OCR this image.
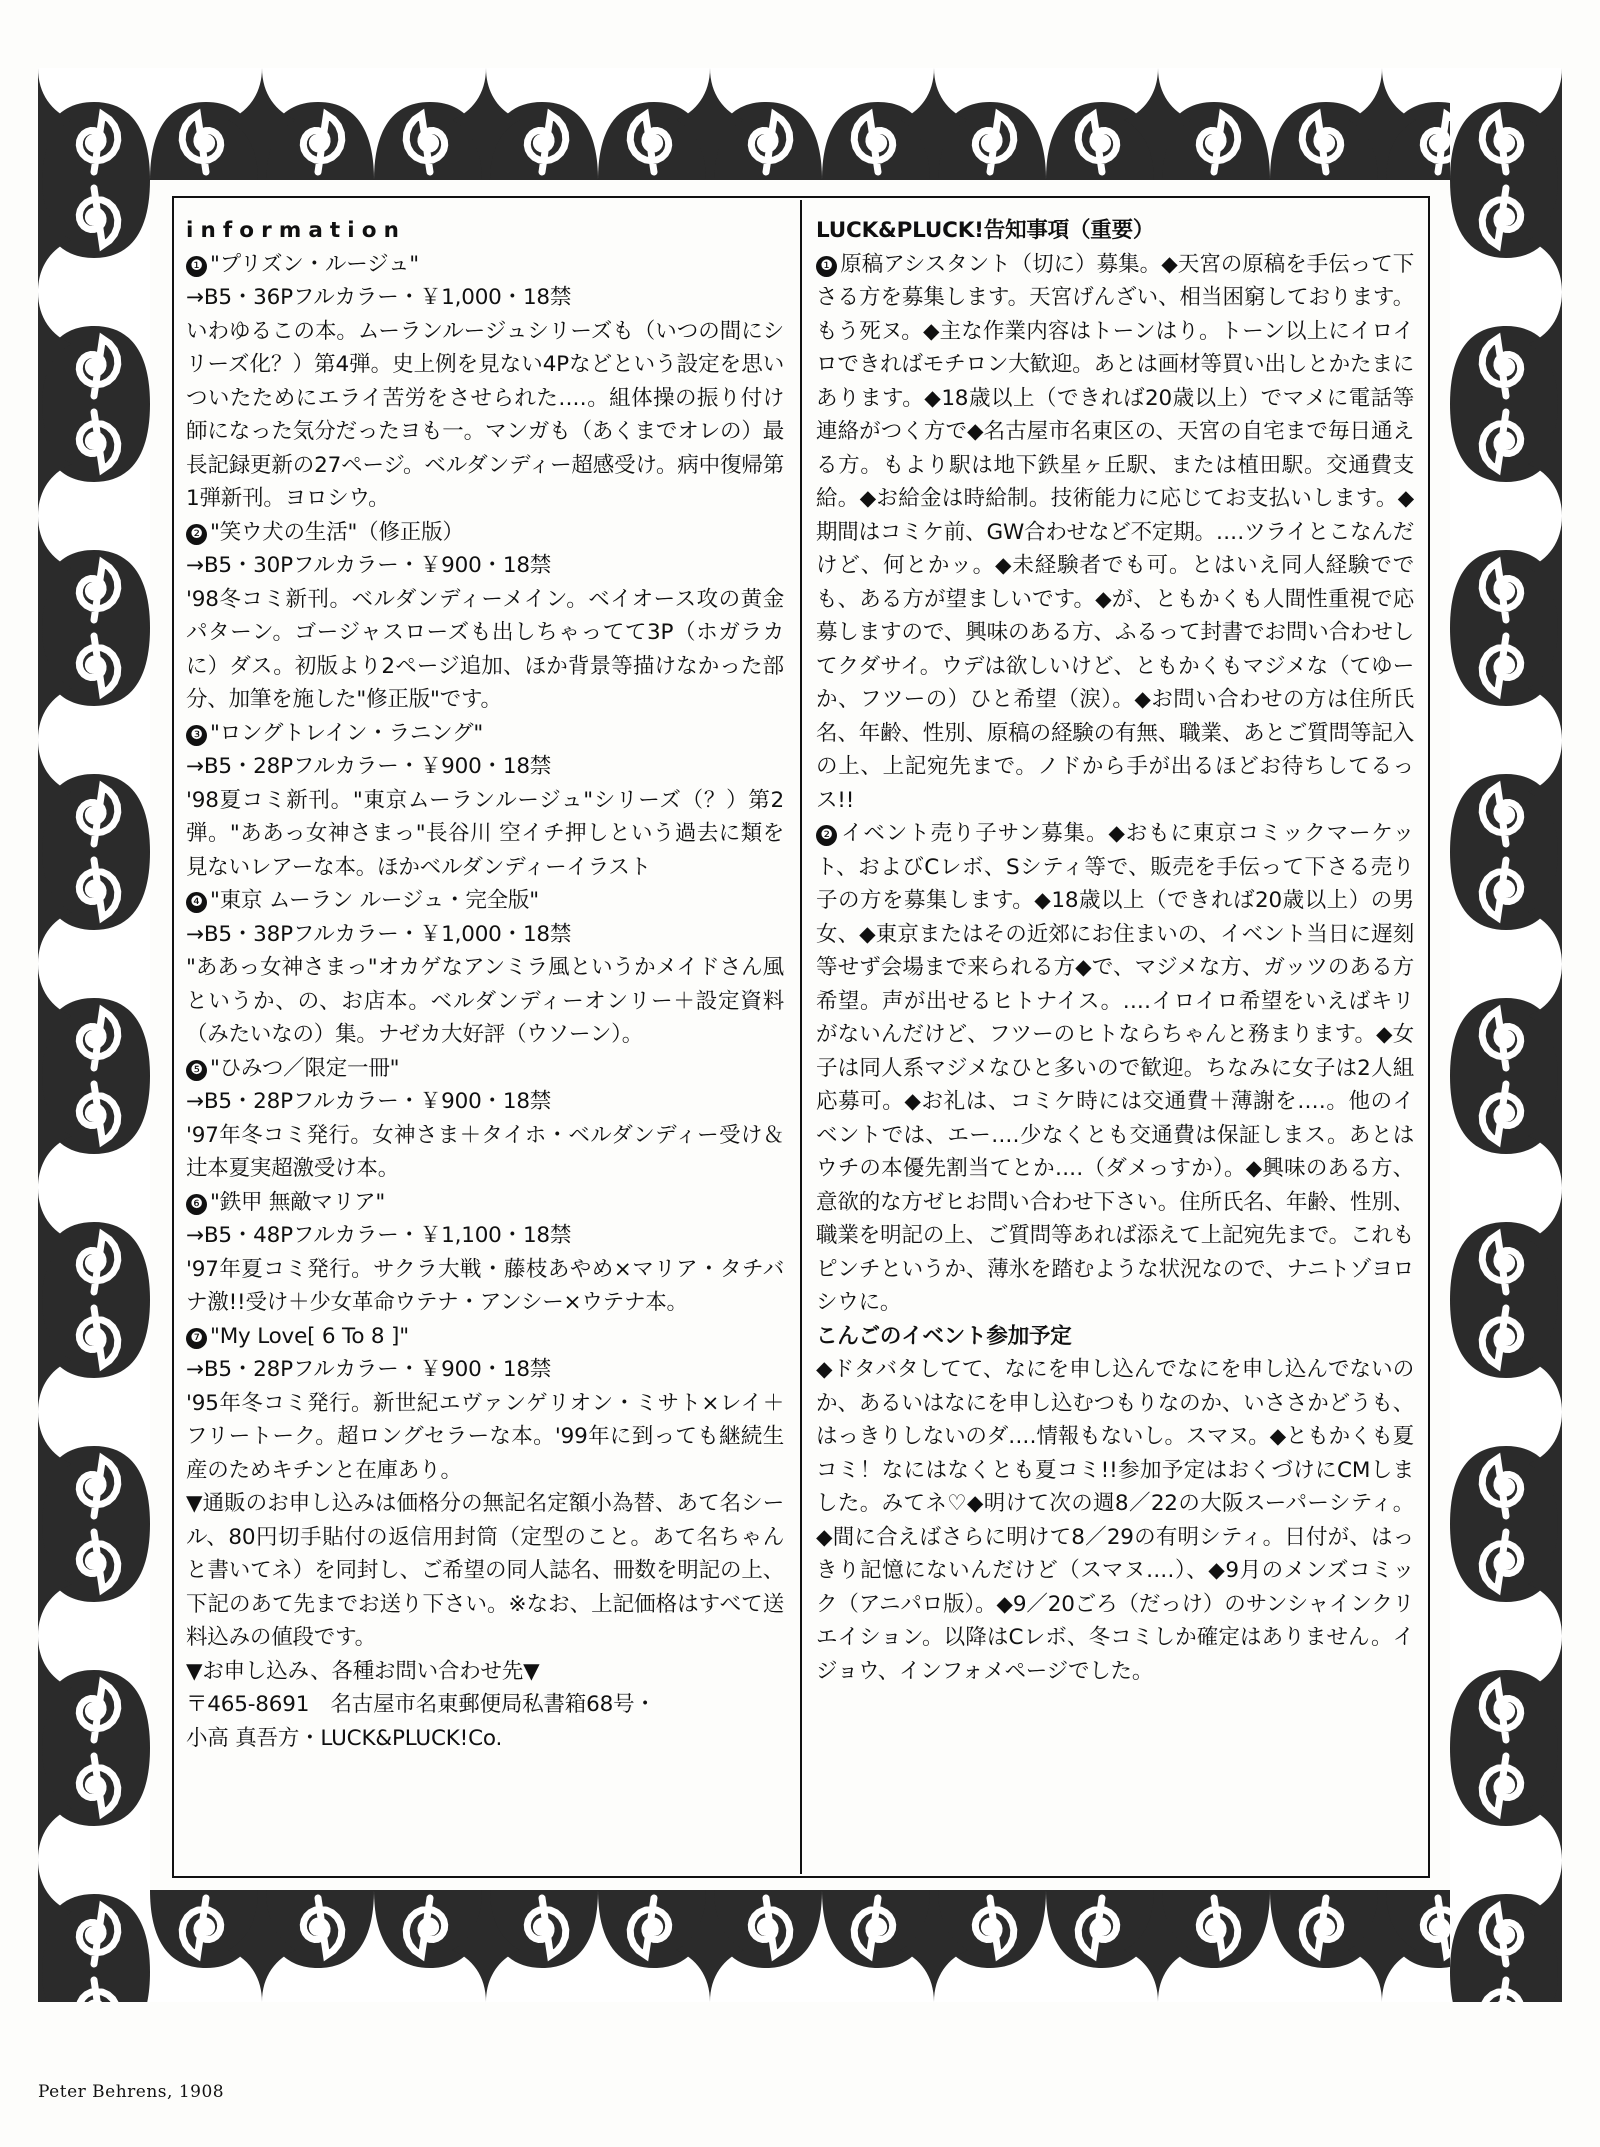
i n f o r m a t i o n

❶ "プリズン・ルージュ"

→B5・36Pフルカラー・￥1,000・18禁

いわゆるこの本。ムーランルージュシリーズも（いつの間にシリーズ化？）第4弾。史上例を見ない4Pなどという設定を思いついたためにエライ苦労をさせられた‥‥。組体操の振り付け師になった気分だったヨも一。マンガも（あくまでオレの）最長記録更新の27ページ。ベルダンディー超感受け。病中復帰第1弾新刊。ヨロシウ。

❷ "笑ウ犬の生活"（修正版）

→B5・30Pフルカラー・￥900・18禁

'98冬コミ新刊。ベルダンディーメイン。ベイオース攻の黄金パターン。ゴージャスローズも出しちゃってて3P（ホガラカに）ダス。初版より2ページ追加、ほか背景等描けなかった部分、加筆を施した"修正版"です。

❸ "ロングトレイン・ラニング"

→B5・28Pフルカラー・￥900・18禁

'98夏コミ新刊。"東京ムーランルージュ"シリーズ（？）第2弾。"ああっ女神さまっ"長谷川 空イチ押しという過去に類を見ないレアーな本。ほかベルダンディーイラスト

❹ "東京 ムーラン ルージュ・完全版"

→B5・38Pフルカラー・￥1,000・18禁

"ああっ女神さまっ"オカゲなアンミラ風というかメイドさん風というか、の、お店本。ベルダンディーオンリー＋設定資料（みたいなの）集。ナゼカ大好評（ウソーン）。

❺ "ひみつ／限定一冊"

→B5・28Pフルカラー・￥900・18禁

'97年冬コミ発行。女神さま＋タイホ・ベルダンディー受け＆辻本夏実超激受け本。

❻ "鉄甲 無敵マリア"

→B5・48Pフルカラー・￥1,100・18禁

'97年夏コミ発行。サクラ大戦・藤枝あやめ×マリア・タチバナ激!!受け＋少女革命ウテナ・アンシー×ウテナ本。

❼ "My Love[ 6 To 8 ]"

→B5・28Pフルカラー・￥900・18禁

'95年冬コミ発行。新世紀エヴァンゲリオン・ミサト×レイ＋フリートーク。超ロングセラーな本。'99年に到っても継続生産のためキチンと在庫あり。

▼通販のお申し込みは価格分の無記名定額小為替、あて名シール、80円切手貼付の返信用封筒（定型のこと。あて名ちゃんと書いてネ）を同封し、ご希望の同人誌名、冊数を明記の上、下記のあて先までお送り下さい。※なお、上記価格はすべて送料込みの値段です。

▼お申し込み、各種お問い合わせ先▼

〒465-8691　名古屋市名東郵便局私書箱68号・

小高 真吾方・LUCK&PLUCK!Co.

LUCK&PLUCK!告知事項（重要）

❶ 原稿アシスタント（切に）募集。◆天宮の原稿を手伝って下さる方を募集します。天宮げんざい、相当困窮しております。もう死ヌ。◆主な作業内容はトーンはり。トーン以上にイロイロできればモチロン大歓迎。あとは画材等買い出しとかたまにあります。◆18歳以上（できれば20歳以上）でマメに電話等連絡がつく方で◆名古屋市名東区の、天宮の自宅まで毎日通える方。もより駅は地下鉄星ヶ丘駅、または植田駅。交通費支給。◆お給金は時給制。技術能力に応じてお支払いします。◆期間はコミケ前、GW合わせなど不定期。‥‥ツライとこなんだけど、何とかッ。◆未経験者でも可。とはいえ同人経験ででも、ある方が望ましいです。◆が、ともかくも人間性重視で応募しますので、興味のある方、ふるって封書でお問い合わせしてクダサイ。ウデは欲しいけど、ともかくもマジメな（てゆーか、フツーの）ひと希望（涙）。◆お問い合わせの方は住所氏名、年齢、性別、原稿の経験の有無、職業、あとご質問等記入の上、上記宛先まで。ノドから手が出るほどお待ちしてるっス!!

❷ イベント売り子サン募集。◆おもに東京コミックマーケット、およびCレボ、Sシティ等で、販売を手伝って下さる売り子の方を募集します。◆18歳以上（できれば20歳以上）の男女、◆東京またはその近郊にお住まいの、イベント当日に遅刻等せず会場まで来られる方◆で、マジメな方、ガッツのある方希望。声が出せるヒトナイス。‥‥イロイロ希望をいえばキリがないんだけど、フツーのヒトならちゃんと務まります。◆女子は同人系マジメなひと多いので歓迎。ちなみに女子は2人組応募可。◆お礼は、コミケ時には交通費＋薄謝を‥‥。他のイベントでは、エー‥‥少なくとも交通費は保証しまス。あとはウチの本優先割当てとか‥‥（ダメっすか）。◆興味のある方、意欲的な方ゼヒお問い合わせ下さい。住所氏名、年齢、性別、職業を明記の上、ご質問等あれば添えて上記宛先まで。これもピンチというか、薄氷を踏むような状況なので、ナニトゾヨロシウに。

こんごのイベント参加予定

◆ドタバタしてて、なにを申し込んでなにを申し込んでないのか、あるいはなにを申し込むつもりなのか、いささかどうも、はっきりしないのダ‥‥情報もないし。スマヌ。◆ともかくも夏コミ！なにはなくとも夏コミ!!参加予定はおくづけにCMしました。みてネ♡◆明けて次の週8／22の大阪スーパーシティ。◆間に合えばさらに明けて8／29の有明シティ。日付が、はっきり記憶にないんだけど（スマヌ‥‥）、◆9月のメンズコミック（アニパロ版）。◆9／20ごろ（だっけ）のサンシャインクリエイション。以降はCレボ、冬コミしか確定はありません。イジョウ、インフォメページでした。

Peter Behrens, 1908
